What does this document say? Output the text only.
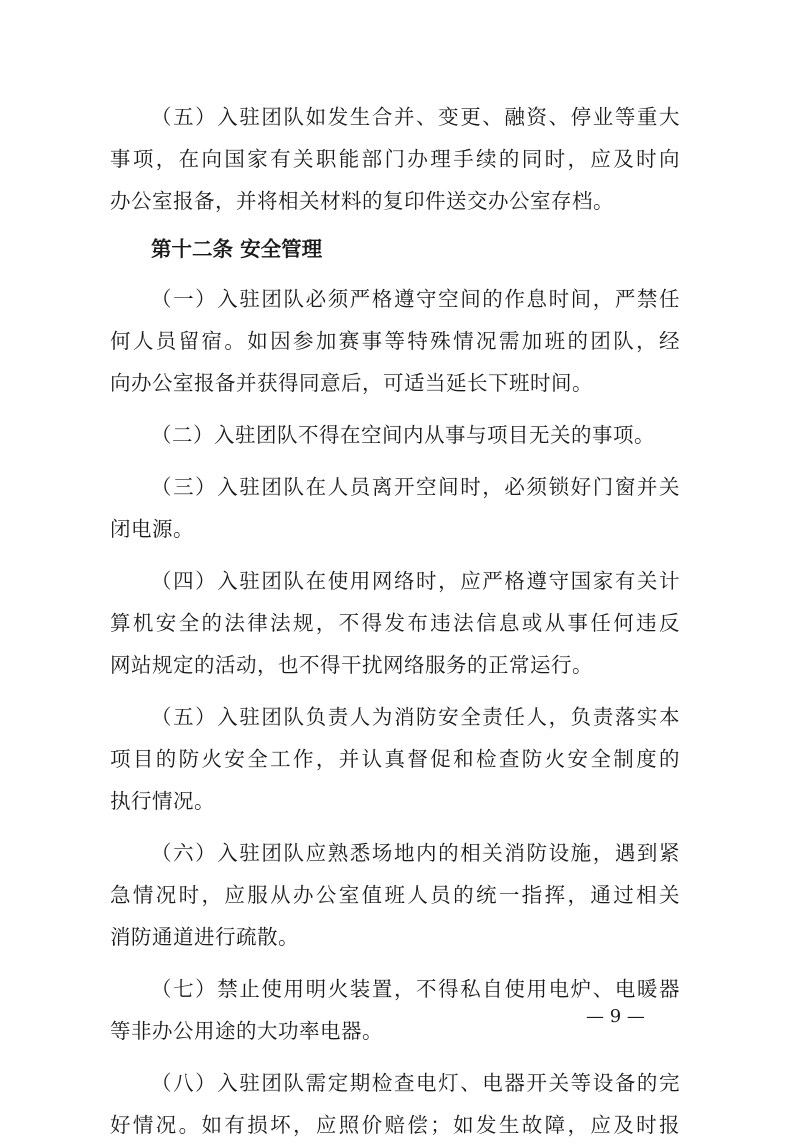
（五）入驻团队如发生合并、变更、融资、停业等重大
事项，在向国家有关职能部门办理手续的同时，应及时向
办公室报备，并将相关材料的复印件送交办公室存档。
第十二条 安全管理
（一）入驻团队必须严格遵守空间的作息时间，严禁任
何人员留宿。如因参加赛事等特殊情况需加班的团队，经
向办公室报备并获得同意后，可适当延长下班时间。
（二）入驻团队不得在空间内从事与项目无关的事项。
（三）入驻团队在人员离开空间时，必须锁好门窗并关
闭电源。
（四）入驻团队在使用网络时，应严格遵守国家有关计
算机安全的法律法规，不得发布违法信息或从事任何违反
网站规定的活动，也不得干扰网络服务的正常运行。
（五）入驻团队负责人为消防安全责任人，负责落实本
项目的防火安全工作，并认真督促和检查防火安全制度的
执行情况。
（六）入驻团队应熟悉场地内的相关消防设施，遇到紧
急情况时，应服从办公室值班人员的统一指挥，通过相关
消防通道进行疏散。
（七）禁止使用明火装置，不得私自使用电炉、电暖器
等非办公用途的大功率电器。
（八）入驻团队需定期检查电灯、电器开关等设备的完
好情况。如有损坏，应照价赔偿；如发生故障，应及时报
— 9 —
